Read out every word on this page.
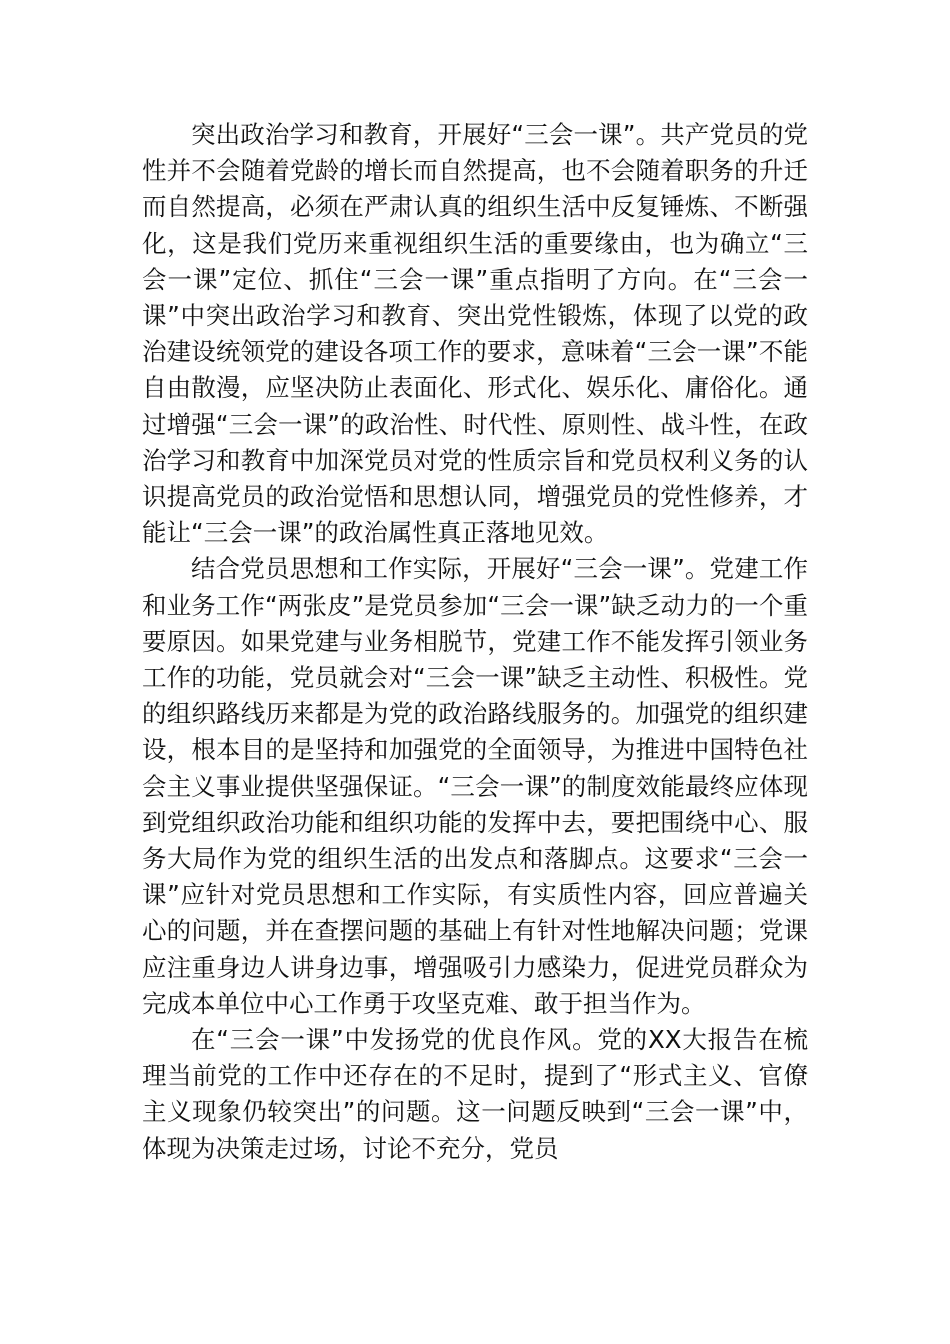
突出政治学习和教育，开展好“三会一课”。共产党员的党性并不会随着党龄的增长而自然提高，也不会随着职务的升迁而自然提高，必须在严肃认真的组织生活中反复锤炼、不断强化，这是我们党历来重视组织生活的重要缘由，也为确立“三会一课”定位、抓住“三会一课”重点指明了方向。在“三会一课”中突出政治学习和教育、突出党性锻炼，体现了以党的政治建设统领党的建设各项工作的要求，意味着“三会一课”不能自由散漫，应坚决防止表面化、形式化、娱乐化、庸俗化。通过增强“三会一课”的政治性、时代性、原则性、战斗性，在政治学习和教育中加深党员对党的性质宗旨和党员权利义务的认识提高党员的政治觉悟和思想认同，增强党员的党性修养，才能让“三会一课”的政治属性真正落地见效。

结合党员思想和工作实际，开展好“三会一课”。党建工作和业务工作“两张皮”是党员参加“三会一课”缺乏动力的一个重要原因。如果党建与业务相脱节，党建工作不能发挥引领业务工作的功能，党员就会对“三会一课”缺乏主动性、积极性。党的组织路线历来都是为党的政治路线服务的。加强党的组织建设，根本目的是坚持和加强党的全面领导，为推进中国特色社会主义事业提供坚强保证。“三会一课”的制度效能最终应体现到党组织政治功能和组织功能的发挥中去，要把围绕中心、服务大局作为党的组织生活的出发点和落脚点。这要求“三会一课”应针对党员思想和工作实际，有实质性内容，回应普遍关心的问题，并在查摆问题的基础上有针对性地解决问题；党课应注重身边人讲身边事，增强吸引力感染力，促进党员群众为完成本单位中心工作勇于攻坚克难、敢于担当作为。

在“三会一课”中发扬党的优良作风。党的XX大报告在梳理当前党的工作中还存在的不足时，提到了“形式主义、官僚主义现象仍较突出”的问题。这一问题反映到“三会一课”中，体现为决策走过场，讨论不充分，党员
